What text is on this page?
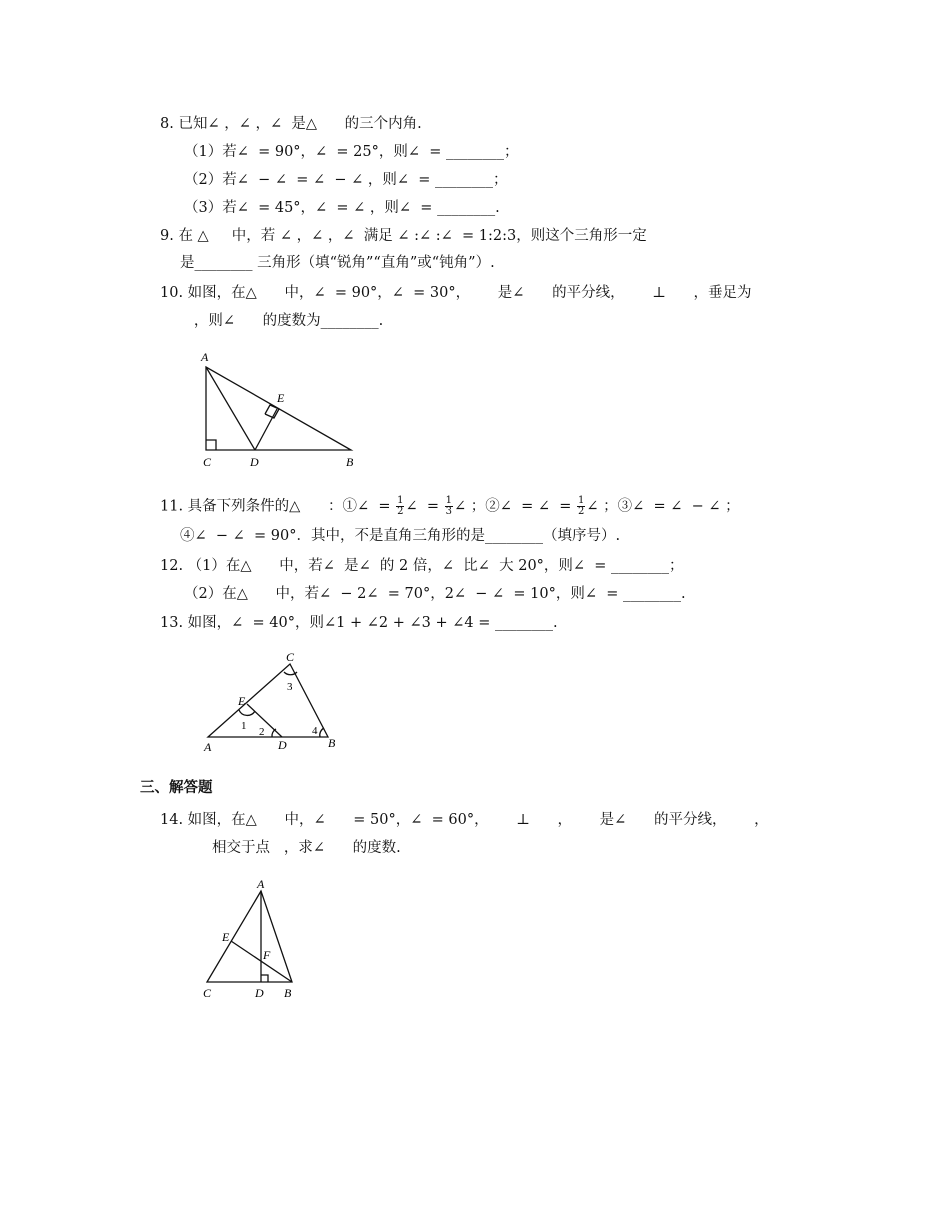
8. 已知∠ ，∠ ，∠  是△      的三个内角.
（1）若∠  = 90°，∠  = 25°，则∠  = ________；
（2）若∠  − ∠  = ∠  − ∠ ，则∠  = ________；
（3）若∠  = 45°，∠  = ∠ ，则∠  = ________.
9. 在 △     中，若 ∠ ，∠ ，∠  满足 ∠ :∠ :∠  = 1:2:3，则这个三角形一定
是________ 三角形（填“锐角”“直角”或“钝角”）.
10. 如图，在△      中，∠  = 90°，∠  = 30°，      是∠      的平分线，      ⊥      ，垂足为
，则∠      的度数为________.
A
C	D	B
E
11. 具备下列条件的△      ：①∠  = $\frac{1}{2}$ ∠  = $\frac{1}{3}$ ∠ ；②∠  = ∠  = $\frac{1}{2}$ ∠ ；③∠  = ∠  − ∠ ；
④∠  − ∠  = 90°．其中，不是直角三角形的是________（填序号）.
12. （1）在△      中，若∠  是∠  的 2 倍，∠  比∠  大 20°，则∠  = ________；
（2）在△      中，若∠  − 2∠  = 70°，2∠  − ∠  = 10°，则∠  = ________.
13. 如图，∠  = 40°，则∠1 + ∠2 + ∠3 + ∠4 = ________.
A
C
D	B
E
1 2
3
4
三、解答题
14. 如图，在△      中，∠      = 50°，∠  = 60°，      ⊥      ，      是∠      的平分线，      ，
相交于点   ，求∠      的度数.
A
C	D B
E
F
